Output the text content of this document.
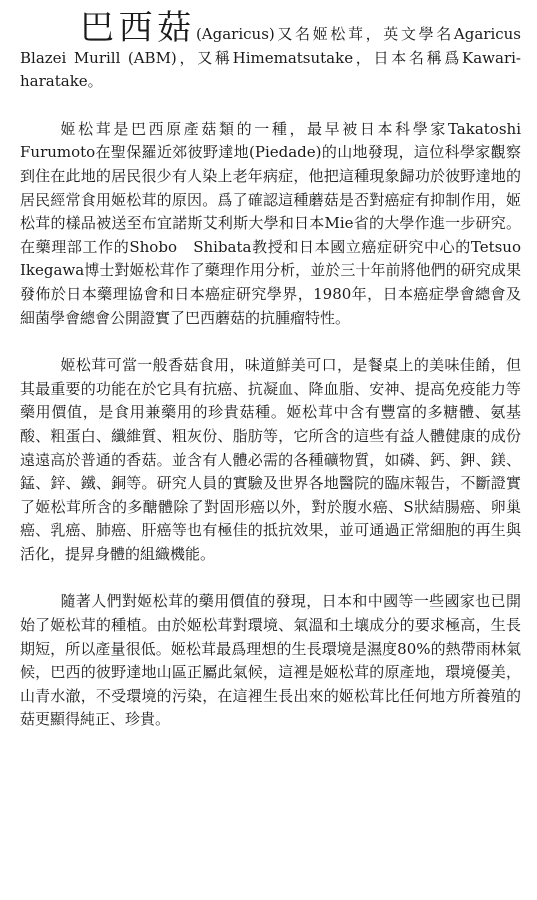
巴西菇(Agaricus)又名姬松茸，英文學名Agaricus Blazei Murill (ABM)，又稱Himematsutake，日本名稱爲Kawari-haratake。

姬松茸是巴西原產菇類的一種，最早被日本科學家Takatoshi Furumoto在聖保羅近郊彼野達地(Piedade)的山地發現，這位科學家觀察到住在此地的居民很少有人染上老年病症，他把這種現象歸功於彼野達地的居民經常食用姬松茸的原因。爲了確認這種蘑菇是否對癌症有抑制作用，姬松茸的樣品被送至布宜諾斯艾利斯大學和日本Mie省的大學作進一步研究。在藥理部工作的Shobo　Shibata教授和日本國立癌症研究中心的Tetsuo　Ikegawa博士對姬松茸作了藥理作用分析，並於三十年前將他們的研究成果發佈於日本藥理協會和日本癌症研究學界，1980年，日本癌症學會總會及細菌學會總會公開證實了巴西蘑菇的抗腫瘤特性。

姬松茸可當一般香菇食用，味道鮮美可口，是餐桌上的美味佳餚，但其最重要的功能在於它具有抗癌、抗凝血、降血脂、安神、提高免疫能力等藥用價值，是食用兼藥用的珍貴菇種。姬松茸中含有豐富的多糖體、氨基酸、粗蛋白、纖維質、粗灰份、脂肪等，它所含的這些有益人體健康的成份遠遠高於普通的香菇。並含有人體必需的各種礦物質，如磷、鈣、鉀、鎂、錳、鋅、鐵、銅等。研究人員的實驗及世界各地醫院的臨床報告，不斷證實了姬松茸所含的多醣體除了對固形癌以外，對於腹水癌、S狀結腸癌、卵巢癌、乳癌、肺癌、肝癌等也有極佳的抵抗效果，並可通過正常細胞的再生與活化，提昇身體的組織機能。

隨著人們對姬松茸的藥用價值的發現，日本和中國等一些國家也已開始了姬松茸的種植。由於姬松茸對環境、氣溫和土壤成分的要求極高，生長期短，所以產量很低。姬松茸最爲理想的生長環境是濕度80%的熱帶雨林氣候，巴西的彼野達地山區正屬此氣候，這裡是姬松茸的原產地，環境優美，山青水澈，不受環境的污染，在這裡生長出來的姬松茸比任何地方所養殖的菇更顯得純正、珍貴。
